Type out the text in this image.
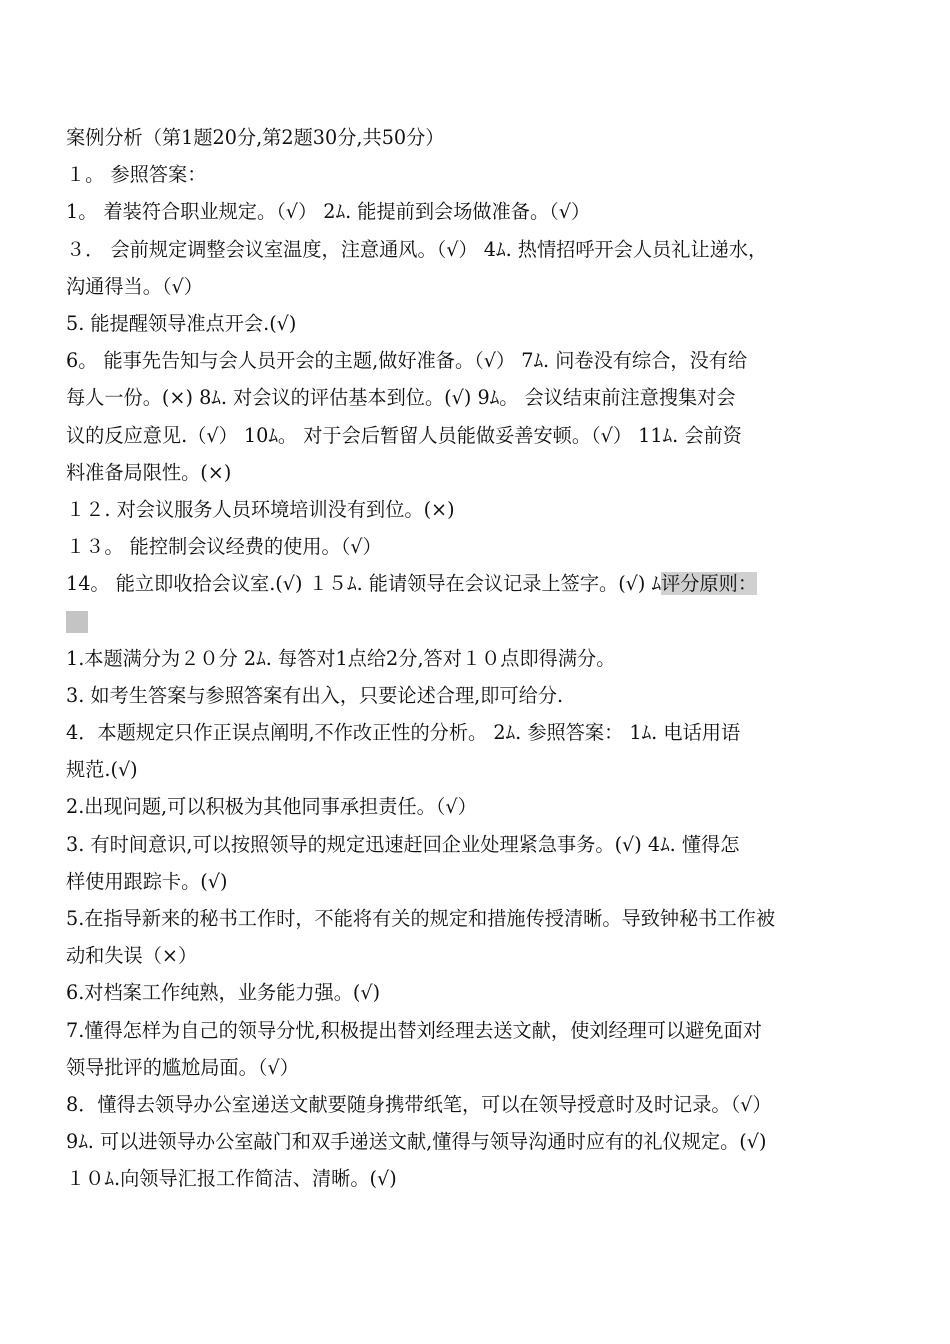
案例分析（第1题20分,第2题30分,共50分）
１。 参照答案：
1。 着装符合职业规定。（√） 2ﾑ. 能提前到会场做准备。（√）
３． 会前规定调整会议室温度，注意通风。（√） 4ﾑ. 热情招呼开会人员礼让递水，
沟通得当。（√）
5. 能提醒领导准点开会.(√)
6。 能事先告知与会人员开会的主题,做好准备。（√） 7ﾑ. 问卷没有综合，没有给
每人一份。(×) 8ﾑ. 对会议的评估基本到位。(√) 9ﾑ。 会议结束前注意搜集对会
议的反应意见.（√） 10ﾑ。 对于会后暂留人员能做妥善安顿。（√） 11ﾑ. 会前资
料准备局限性。(×)
１２. 对会议服务人员环境培训没有到位。(×)
１３。 能控制会议经费的使用。（√）
14。 能立即收拾会议室.(√) １５ﾑ. 能请领导在会议记录上签字。(√) ﾑ评分原则：
1.本题满分为２０分 2ﾑ. 每答对1点给2分,答对１０点即得满分。
3. 如考生答案与参照答案有出入，只要论述合理,即可给分.
4．本题规定只作正误点阐明,不作改正性的分析。 2ﾑ. 参照答案： 1ﾑ. 电话用语
规范.(√)
2.出现问题,可以积极为其他同事承担责任。（√）
3. 有时间意识,可以按照领导的规定迅速赶回企业处理紧急事务。(√) 4ﾑ. 懂得怎
样使用跟踪卡。(√)
5.在指导新来的秘书工作时，不能将有关的规定和措施传授清晰。导致钟秘书工作被
动和失误（×）
6.对档案工作纯熟，业务能力强。(√)
7.懂得怎样为自己的领导分忧,积极提出替刘经理去送文献，使刘经理可以避免面对
领导批评的尴尬局面。（√）
8．懂得去领导办公室递送文献要随身携带纸笔，可以在领导授意时及时记录。（√）
9ﾑ. 可以进领导办公室敲门和双手递送文献,懂得与领导沟通时应有的礼仪规定。(√)
１０ﾑ.向领导汇报工作简洁、清晰。(√)
